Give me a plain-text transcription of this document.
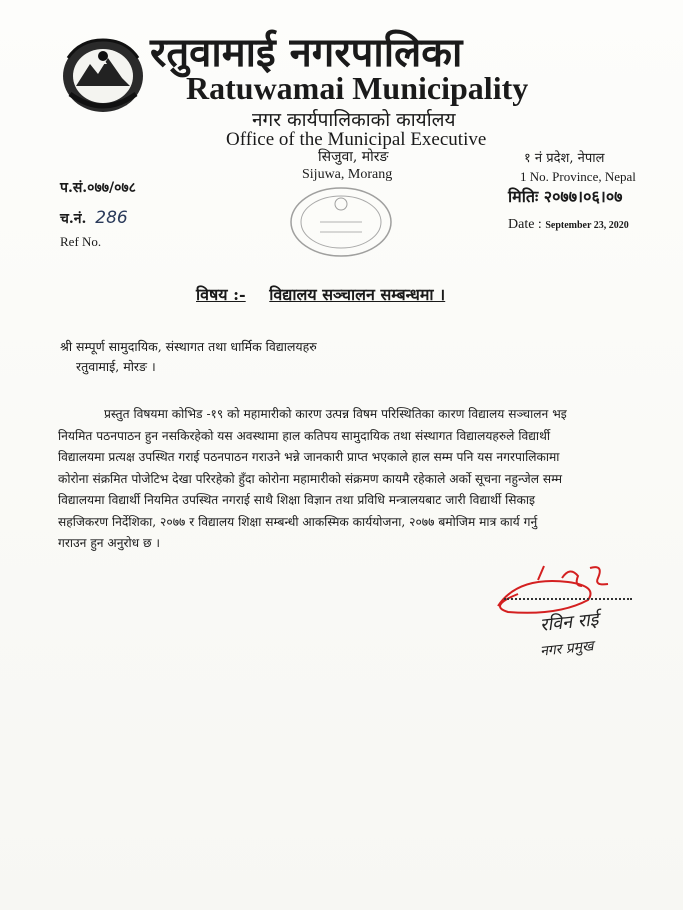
रतुवामाई नगरपालिका
Ratuwamai Municipality
नगर कार्यपालिकाको कार्यालय
Office of the Municipal Executive
सिजुवा, मोरङ
Sijuwa, Morang
१ नं प्रदेश, नेपाल
1 No. Province, Nepal
मितिः २०७७।०६।०७
Date : September 23, 2020
प.सं.०७७/०७८
च.नं. 286
Ref No.
विषय :- विद्यालय सञ्चालन सम्बन्धमा ।
श्री सम्पूर्ण सामुदायिक, संस्थागत तथा धार्मिक विद्यालयहरु
रतुवामाई, मोरङ ।
प्रस्तुत विषयमा कोभिड -१९ को महामारीको कारण उत्पन्न विषम परिस्थितिका कारण विद्यालय सञ्चालन भइ
नियमित पठनपाठन हुन नसकिरहेको यस अवस्थामा हाल कतिपय सामुदायिक तथा संस्थागत विद्यालयहरुले विद्यार्थी
विद्यालयमा प्रत्यक्ष उपस्थित गराई पठनपाठन गराउने भन्ने जानकारी प्राप्त भएकाले हाल सम्म पनि यस नगरपालिकामा
कोरोना संक्रमित पोजेटिभ देखा परिरहेको हुँदा कोरोना महामारीको संक्रमण कायमै रहेकाले अर्को सूचना नहुन्जेल सम्म
विद्यालयमा विद्यार्थी नियमित उपस्थित नगराई साथै शिक्षा विज्ञान तथा प्रविधि मन्त्रालयबाट जारी विद्यार्थी सिकाइ
सहजिकरण निर्देशिका, २०७७ र विद्यालय शिक्षा सम्बन्धी आकस्मिक कार्ययोजना, २०७७ बमोजिम मात्र कार्य गर्नु
गराउन हुन अनुरोध छ ।
रविन राई
नगर प्रमुख
